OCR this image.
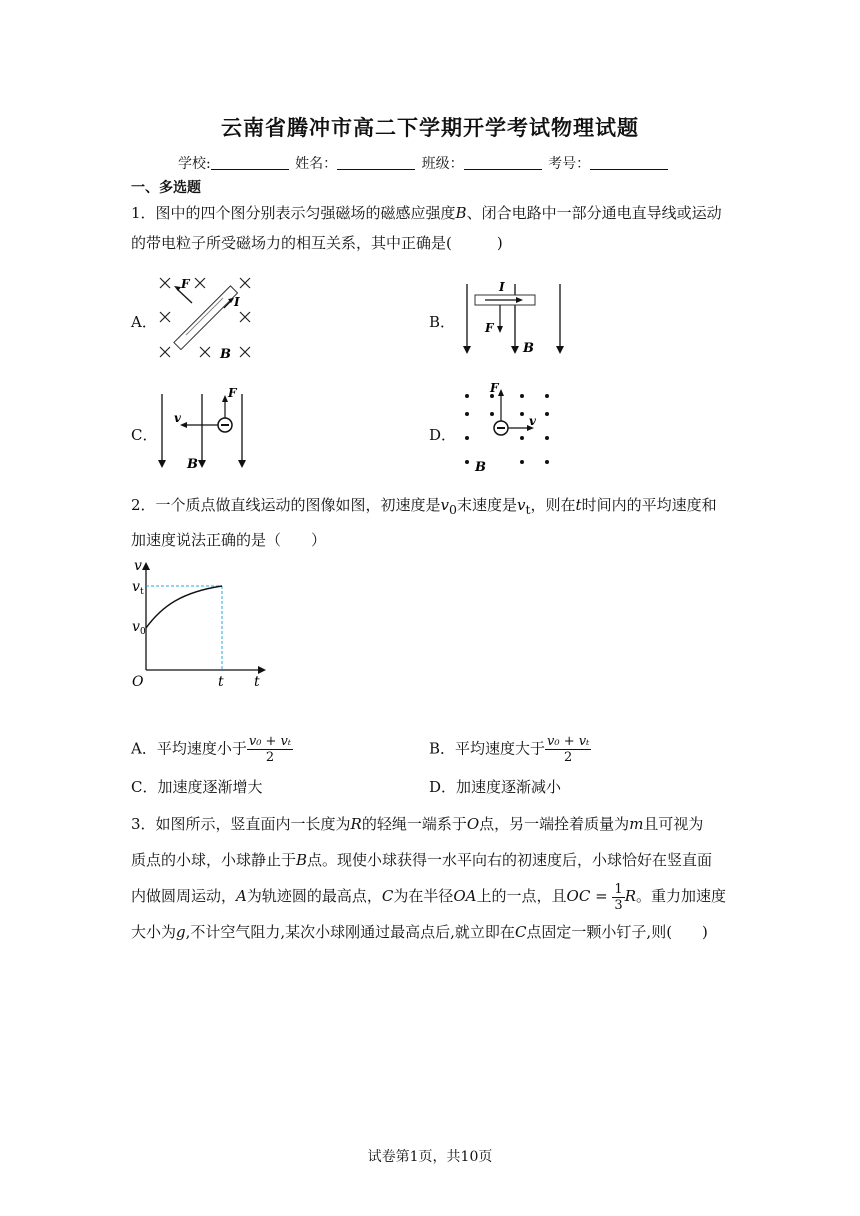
云南省腾冲市高二下学期开学考试物理试题
学校:	姓名：	班级：	考号：
一、多选题
1．图中的四个图分别表示匀强磁场的磁感应强度B、闭合电路中一部分通电直导线或运动
的带电粒子所受磁场力的相互关系，其中正确是(　　　)
A．	B．
C．	D．
F
I
B
I
F
B
v
F
B
F
v
B
2．一个质点做直线运动的图像如图，初速度是$v_0$末速度是$v_t$，则在t时间内的平均速度和
加速度说法正确的是（　　）
v
t
O	t
v t
v 0
A．平均速度小于 $\frac{\text{v₀ + vₜ}}{2}$	B．平均速度大于 $\frac{\text{v₀ + vₜ}}{2}$
C．加速度逐渐增大	D．加速度逐渐减小
3．如图所示，竖直面内一长度为R的轻绳一端系于O点，另一端拴着质量为m且可视为
质点的小球，小球静止于B点。现使小球获得一水平向右的初速度后，小球恰好在竖直面
内做圆周运动，A为轨迹圆的最高点，C为在半径OA上的一点，且OC = $\frac{1}{3}$ R。重力加速度
大小为g,不计空气阻力,某次小球刚通过最高点后,就立即在C点固定一颗小钉子,则(　　)
试卷第1页，共10页
